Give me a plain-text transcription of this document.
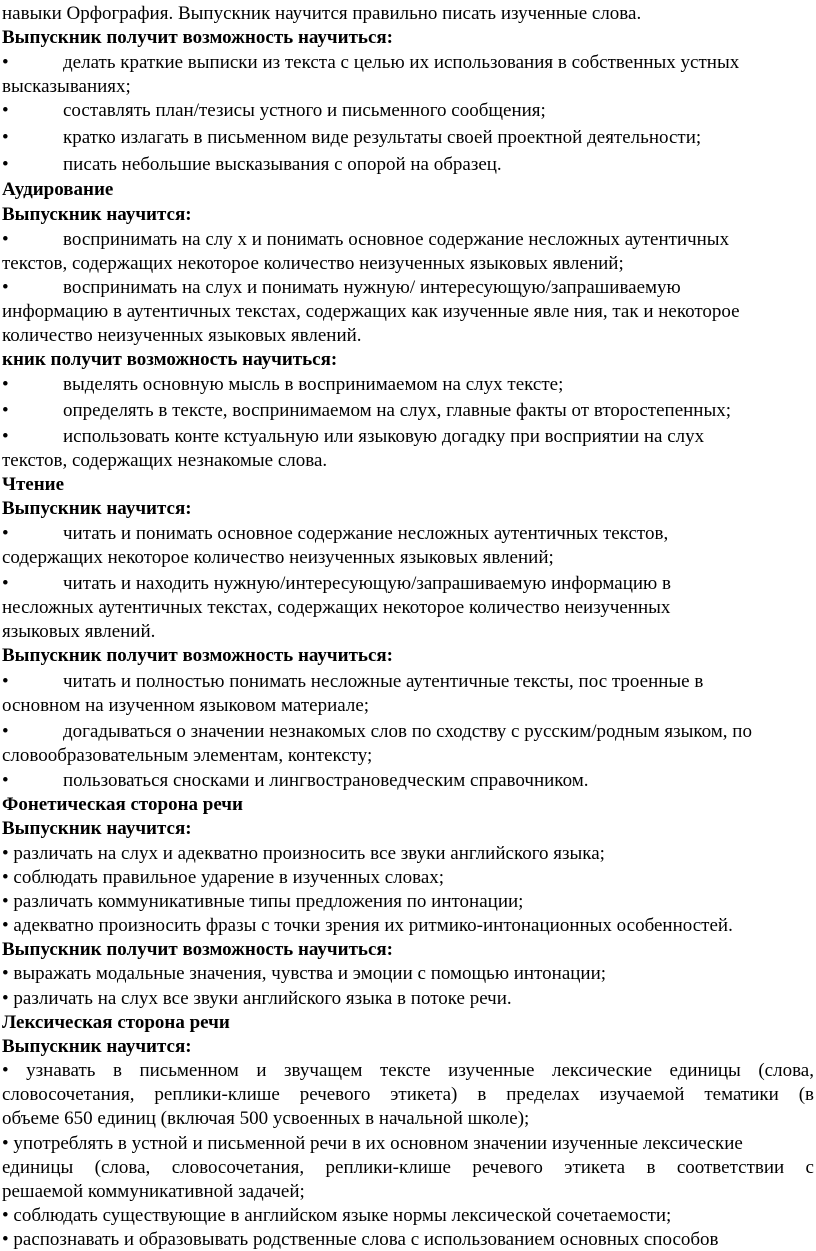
навыки Орфография. Выпускник научится правильно писать изученные слова.
Выпускник получит возможность научиться:
•	делать краткие выписки из текста с целью их использования в собственных устных
высказываниях;
•	составлять план/тезисы устного и письменного сообщения;
•	кратко излагать в письменном виде результаты своей проектной деятельности;
•	писать небольшие высказывания с опорой на образец.
Аудирование
Выпускник научится:
•	воспринимать на слу х и понимать основное содержание несложных аутентичных
текстов, содержащих некоторое количество неизученных языковых явлений;
•	воспринимать на слух и понимать нужную/ интересующую/запрашиваемую
информацию в аутентичных текстах, содержащих как изученные явле ния, так и некоторое
количество неизученных языковых явлений.
кник получит возможность научиться:
•	выделять основную мысль в воспринимаемом на слух тексте;
•	определять в тексте, воспринимаемом на слух, главные факты от второстепенных;
•	использовать конте кстуальную или языковую догадку при восприятии на слух
текстов, содержащих незнакомые слова.
Чтение
Выпускник научится:
•	читать и понимать основное содержание несложных аутентичных текстов,
содержащих некоторое количество неизученных языковых явлений;
•	читать и находить нужную/интересующую/запрашиваемую информацию в
несложных аутентичных текстах, содержащих некоторое количество неизученных
языковых явлений.
Выпускник получит возможность научиться:
•	читать и полностью понимать несложные аутентичные тексты, пос троенные в
основном на изученном языковом материале;
•	догадываться о значении незнакомых слов по сходству с русским/родным языком, по
словообразовательным элементам, контексту;
•	пользоваться сносками и лингвострановедческим справочником.
Фонетическая сторона речи
Выпускник научится:
• различать на слух и адекватно произносить все звуки английского языка;
• соблюдать правильное ударение в изученных словах;
• различать коммуникативные типы предложения по интонации;
• адекватно произносить фразы с точки зрения их ритмико-интонационных особенностей.
Выпускник получит возможность научиться:
• выражать модальные значения, чувства и эмоции с помощью интонации;
• различать на слух все звуки английского языка в потоке речи.
Лексическая сторона речи
Выпускник научится:
• узнавать в письменном и звучащем тексте изученные лексические единицы (слова,
словосочетания, реплики-клише речевого этикета) в пределах изучаемой тематики (в
объеме 650 единиц (включая 500 усвоенных в начальной школе);
• употреблять в устной и письменной речи в их основном значении изученные лексические
единицы (слова, словосочетания, реплики-клише речевого этикета в соответствии с
решаемой коммуникативной задачей;
• соблюдать существующие в английском языке нормы лексической сочетаемости;
• распознавать и образовывать родственные слова с использованием основных способов
